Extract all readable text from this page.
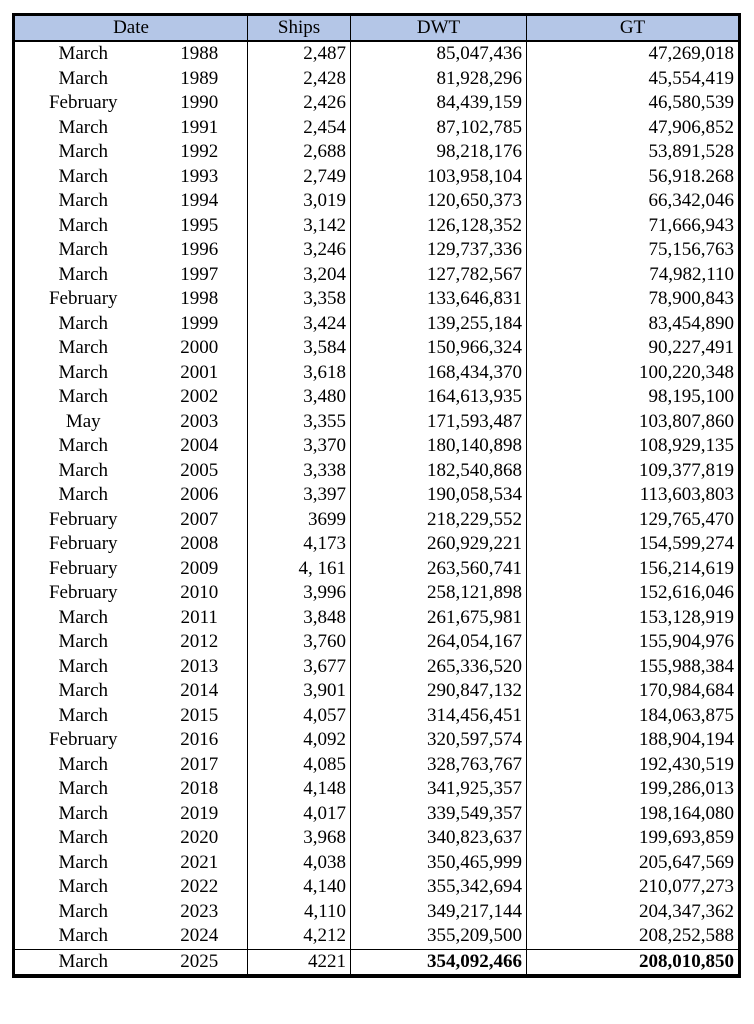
Date		Ships	DWT	GT
March	1988	2,487	85,047,436	47,269,018
March	1989	2,428	81,928,296	45,554,419
February	1990	2,426	84,439,159	46,580,539
March	1991	2,454	87,102,785	47,906,852
March	1992	2,688	98,218,176	53,891,528
March	1993	2,749	103,958,104	56,918.268
March	1994	3,019	120,650,373	66,342,046
March	1995	3,142	126,128,352	71,666,943
March	1996	3,246	129,737,336	75,156,763
March	1997	3,204	127,782,567	74,982,110
February	1998	3,358	133,646,831	78,900,843
March	1999	3,424	139,255,184	83,454,890
March	2000	3,584	150,966,324	90,227,491
March	2001	3,618	168,434,370	100,220,348
March	2002	3,480	164,613,935	98,195,100
May	2003	3,355	171,593,487	103,807,860
March	2004	3,370	180,140,898	108,929,135
March	2005	3,338	182,540,868	109,377,819
March	2006	3,397	190,058,534	113,603,803
February	2007	3699	218,229,552	129,765,470
February	2008	4,173	260,929,221	154,599,274
February	2009	4, 161	263,560,741	156,214,619
February	2010	3,996	258,121,898	152,616,046
March	2011	3,848	261,675,981	153,128,919
March	2012	3,760	264,054,167	155,904,976
March	2013	3,677	265,336,520	155,988,384
March	2014	3,901	290,847,132	170,984,684
March	2015	4,057	314,456,451	184,063,875
February	2016	4,092	320,597,574	188,904,194
March	2017	4,085	328,763,767	192,430,519
March	2018	4,148	341,925,357	199,286,013
March	2019	4,017	339,549,357	198,164,080
March	2020	3,968	340,823,637	199,693,859
March	2021	4,038	350,465,999	205,647,569
March	2022	4,140	355,342,694	210,077,273
March	2023	4,110	349,217,144	204,347,362
March	2024	4,212	355,209,500	208,252,588
March	2025	4221	354,092,466	208,010,850
